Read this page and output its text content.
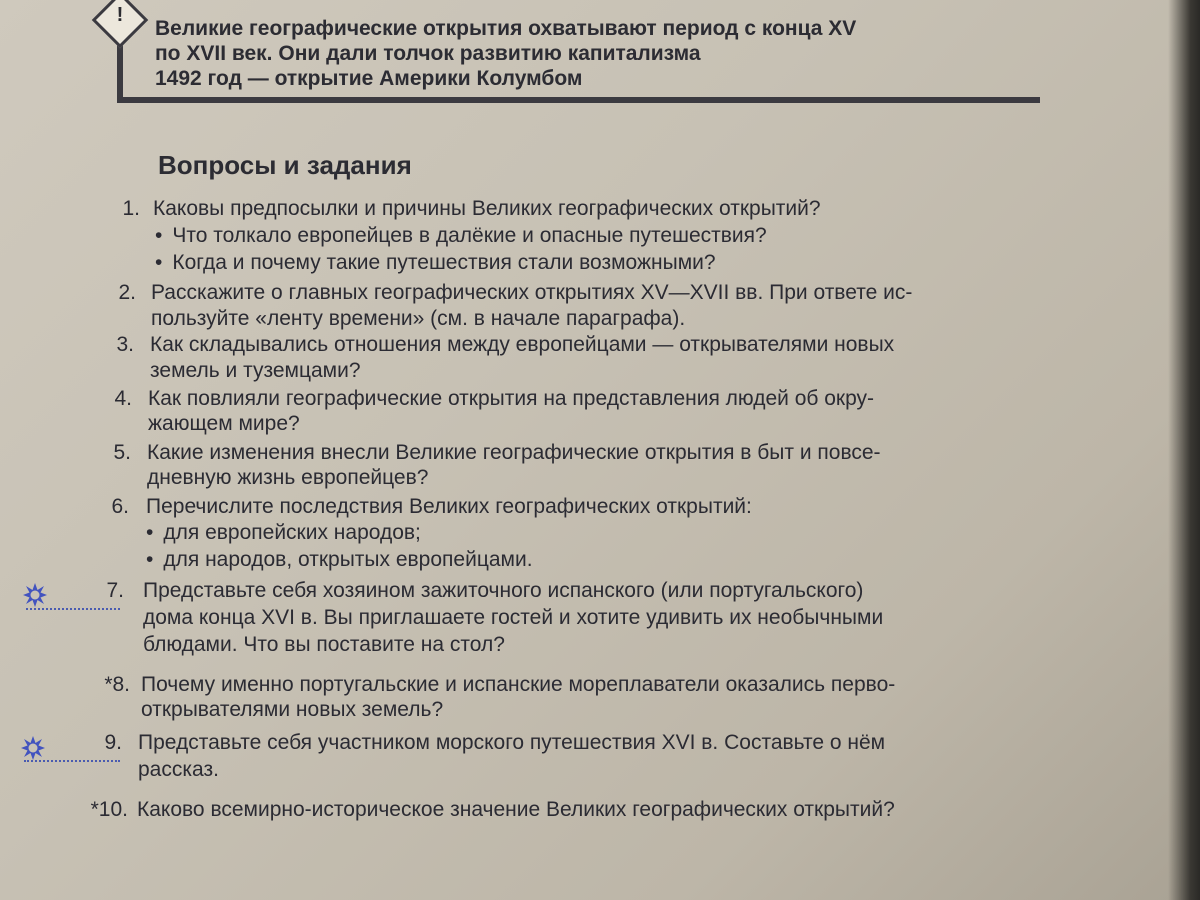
!
Великие географические открытия охватывают период с конца XV
по XVII век. Они дали толчок развитию капитализма
1492 год — открытие Америки Колумбом
Вопросы и задания
1. Каковы предпосылки и причины Великих географических открытий?
• Что толкало европейцев в далёкие и опасные путешествия?
• Когда и почему такие путешествия стали возможными?
2. Расскажите о главных географических открытиях XV—XVII вв. При ответе ис-
пользуйте «ленту времени» (см. в начале параграфа).
3. Как складывались отношения между европейцами — открывателями новых
земель и туземцами?
4. Как повлияли географические открытия на представления людей об окру-
жающем мире?
5. Какие изменения внесли Великие географические открытия в быт и повсе-
дневную жизнь европейцев?
6. Перечислите последствия Великих географических открытий:
• для европейских народов;
• для народов, открытых европейцами.
7. Представьте себя хозяином зажиточного испанского (или португальского)
дома конца XVI в. Вы приглашаете гостей и хотите удивить их необычными
блюдами. Что вы поставите на стол?
*8. Почему именно португальские и испанские мореплаватели оказались перво-
открывателями новых земель?
9. Представьте себя участником морского путешествия XVI в. Составьте о нём
рассказ.
*10. Каково всемирно-историческое значение Великих географических открытий?
